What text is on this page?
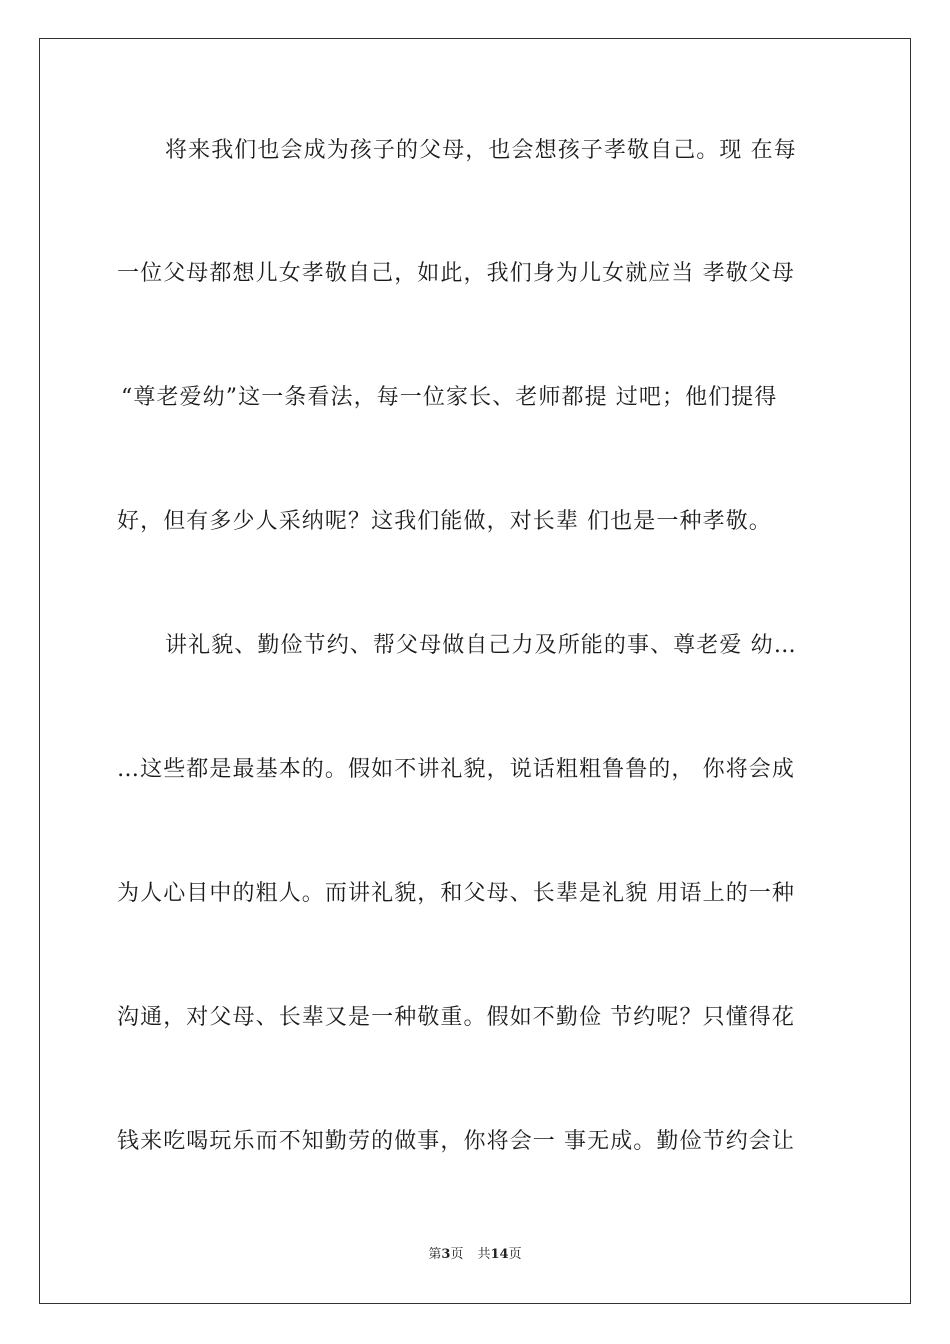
将来我们也会成为孩子的父母，也会想孩子孝敬自己。现 在每
一位父母都想儿女孝敬自己，如此，我们身为儿女就应当 孝敬父母
“尊老爱幼”这一条看法，每一位家长、老师都提 过吧；他们提得
好，但有多少人采纳呢？这我们能做，对长辈 们也是一种孝敬。
讲礼貌、勤俭节约、帮父母做自己力及所能的事、尊老爱 幼…
…这些都是最基本的。假如不讲礼貌，说话粗粗鲁鲁的， 你将会成
为人心目中的粗人。而讲礼貌，和父母、长辈是礼貌 用语上的一种
沟通，对父母、长辈又是一种敬重。假如不勤俭 节约呢？只懂得花
钱来吃喝玩乐而不知勤劳的做事，你将会一 事无成。勤俭节约会让
第3页 共14页
